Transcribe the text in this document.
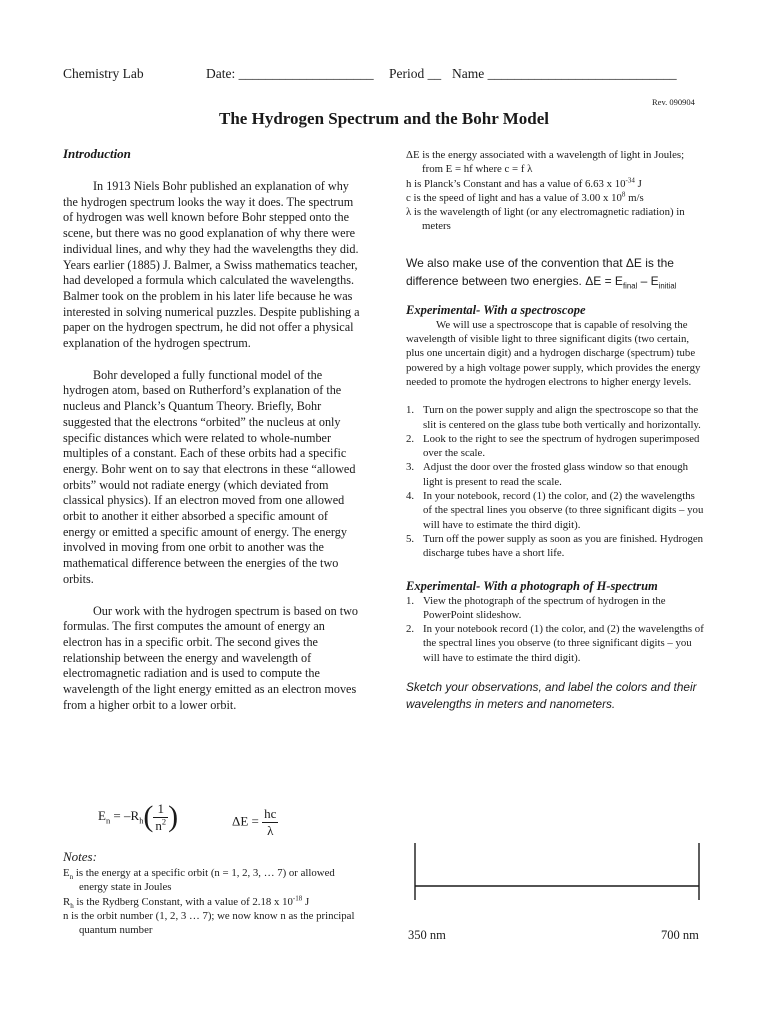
Chemistry Lab	Date: ____________________ Period __ Name ____________________________
Rev. 090904
The Hydrogen Spectrum and the Bohr Model
Introduction

In 1913 Niels Bohr published an explanation of why the hydrogen spectrum looks the way it does. The spectrum of hydrogen was well known before Bohr stepped onto the scene, but there was no good explanation of why there were individual lines, and why they had the wavelengths they did. Years earlier (1885) J. Balmer, a Swiss mathematics teacher, had developed a formula which calculated the wavelengths. Balmer took on the problem in his later life because he was interested in solving numerical puzzles. Despite publishing a paper on the hydrogen spectrum, he did not offer a physical explanation of the hydrogen spectrum.

Bohr developed a fully functional model of the hydrogen atom, based on Rutherford’s explanation of the nucleus and Planck’s Quantum Theory. Briefly, Bohr suggested that the electrons “orbited” the nucleus at only specific distances which were related to whole-number multiples of a constant. Each of these orbits had a specific energy. Bohr went on to say that electrons in these “allowed orbits” would not radiate energy (which deviated from classical physics). If an electron moved from one allowed orbit to another it either absorbed a specific amount of energy or emitted a specific amount of energy. The energy involved in moving from one orbit to another was the mathematical difference between the energies of the two orbits.

Our work with the hydrogen spectrum is based on two formulas. The first computes the amount of energy an electron has in a specific orbit. The second gives the relationship between the energy and wavelength of electromagnetic radiation and is used to compute the wavelength of the light energy emitted as an electron moves from a higher orbit to a lower orbit.

$E_n = -R_h( \frac{1}{n^2}$ )	$\Delta E = \frac{hc}{\lambda}$
Notes:

$E_n$ is the energy at a specific orbit (n = 1, 2, 3, … 7) or allowed energy state in Joules

$R_h$ is the Rydberg Constant, with a value of 2.18 x $10^{-18}$ J

n is the orbit number (1, 2, 3 … 7); we now know n as the principal quantum number

ΔE is the energy associated with a wavelength of light in Joules; from E = hf where c = f λ

h is Planck’s Constant and has a value of 6.63 x $10^{-34}$ J

c is the speed of light and has a value of 3.00 x $10^8$ m/s

λ is the wavelength of light (or any electromagnetic radiation) in meters

We also make use of the convention that ΔE is the difference between two energies. $\Delta E = E_{final} - E_{initial}$

Experimental- With a spectroscope

We will use a spectroscope that is capable of resolving the wavelength of visible light to three significant digits (two certain, plus one uncertain digit) and a hydrogen discharge (spectrum) tube powered by a high voltage power supply, which provides the energy needed to promote the hydrogen electrons to higher energy levels.

1. Turn on the power supply and align the spectroscope so that the slit is centered on the glass tube both vertically and horizontally.
2. Look to the right to see the spectrum of hydrogen superimposed over the scale.
3. Adjust the door over the frosted glass window so that enough light is present to read the scale.
4. In your notebook, record (1) the color, and (2) the wavelengths of the spectral lines you observe (to three significant digits – you will have to estimate the third digit).
5. Turn off the power supply as soon as you are finished. Hydrogen discharge tubes have a short life.
Experimental- With a photograph of H-spectrum
1. View the photograph of the spectrum of hydrogen in the PowerPoint slideshow.
2. In your notebook record (1) the color, and (2) the wavelengths of the spectral lines you observe (to three significant digits – you will have to estimate the third digit).

Sketch your observations, and label the colors and their wavelengths in meters and nanometers.

350 nm	700 nm
